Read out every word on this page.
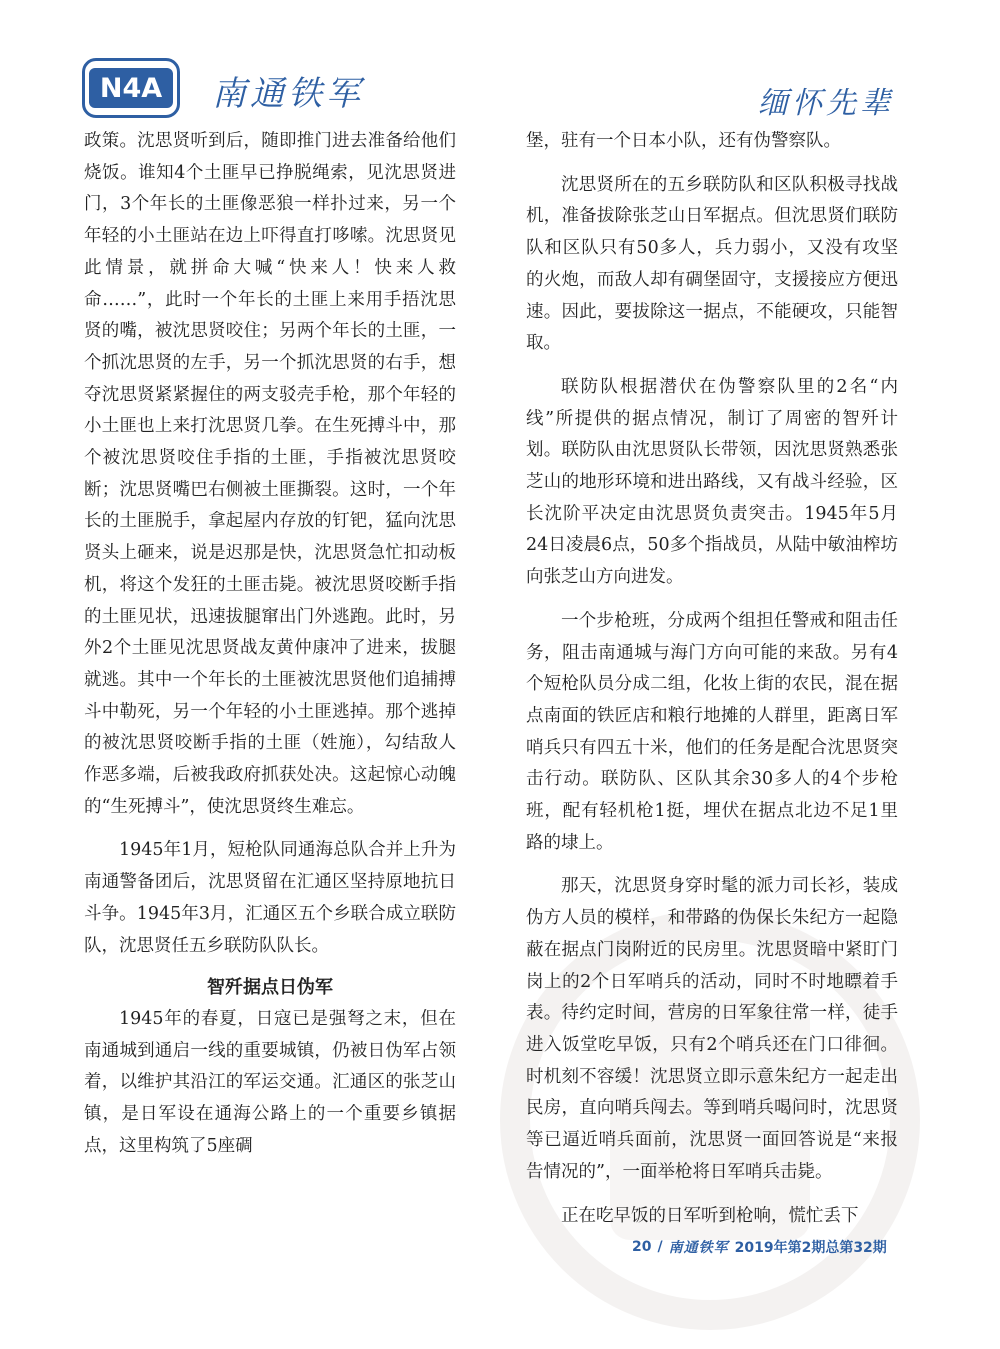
N4A	南通铁军	缅怀先辈

政策。沈思贤听到后，随即推门进去准备给他们烧饭。谁知4个土匪早已挣脱绳索，见沈思贤进门，3个年长的土匪像恶狼一样扑过来，另一个年轻的小土匪站在边上吓得直打哆嗦。沈思贤见此情景，就拼命大喊“快来人！快来人救命……”，此时一个年长的土匪上来用手捂沈思贤的嘴，被沈思贤咬住；另两个年长的土匪，一个抓沈思贤的左手，另一个抓沈思贤的右手，想夺沈思贤紧紧握住的两支驳壳手枪，那个年轻的小土匪也上来打沈思贤几拳。在生死搏斗中，那个被沈思贤咬住手指的土匪，手指被沈思贤咬断；沈思贤嘴巴右侧被土匪撕裂。这时，一个年长的土匪脱手，拿起屋内存放的钉钯，猛向沈思贤头上砸来，说是迟那是快，沈思贤急忙扣动板机，将这个发狂的土匪击毙。被沈思贤咬断手指的土匪见状，迅速拔腿窜出门外逃跑。此时，另外2个土匪见沈思贤战友黄仲康冲了进来，拔腿就逃。其中一个年长的土匪被沈思贤他们追捕搏斗中勒死，另一个年轻的小土匪逃掉。那个逃掉的被沈思贤咬断手指的土匪（姓施），勾结敌人作恶多端，后被我政府抓获处决。这起惊心动魄的“生死搏斗”，使沈思贤终生难忘。

1945年1月，短枪队同通海总队合并上升为南通警备团后，沈思贤留在汇通区坚持原地抗日斗争。1945年3月，汇通区五个乡联合成立联防队，沈思贤任五乡联防队队长。

智歼据点日伪军

1945年的春夏，日寇已是强弩之末，但在南通城到通启一线的重要城镇，仍被日伪军占领着，以维护其沿江的军运交通。汇通区的张芝山镇，是日军设在通海公路上的一个重要乡镇据点，这里构筑了5座碉

堡，驻有一个日本小队，还有伪警察队。

沈思贤所在的五乡联防队和区队积极寻找战机，准备拔除张芝山日军据点。但沈思贤们联防队和区队只有50多人，兵力弱小，又没有攻坚的火炮，而敌人却有碉堡固守，支援接应方便迅速。因此，要拔除这一据点，不能硬攻，只能智取。

联防队根据潜伏在伪警察队里的2名“内线”所提供的据点情况，制订了周密的智歼计划。联防队由沈思贤队长带领，因沈思贤熟悉张芝山的地形环境和进出路线，又有战斗经验，区长沈阶平决定由沈思贤负责突击。1945年5月24日凌晨6点，50多个指战员，从陆中敏油榨坊向张芝山方向进发。

一个步枪班，分成两个组担任警戒和阻击任务，阻击南通城与海门方向可能的来敌。另有4个短枪队员分成二组，化妆上街的农民，混在据点南面的铁匠店和粮行地摊的人群里，距离日军哨兵只有四五十米，他们的任务是配合沈思贤突击行动。联防队、区队其余30多人的4个步枪班，配有轻机枪1挺，埋伏在据点北边不足1里路的埭上。

那天，沈思贤身穿时髦的派力司长衫，装成伪方人员的模样，和带路的伪保长朱纪方一起隐蔽在据点门岗附近的民房里。沈思贤暗中紧盯门岗上的2个日军哨兵的活动，同时不时地瞟着手表。待约定时间，营房的日军象往常一样，徒手进入饭堂吃早饭，只有2个哨兵还在门口徘徊。时机刻不容缓！沈思贤立即示意朱纪方一起走出民房，直向哨兵闯去。等到哨兵喝问时，沈思贤等已逼近哨兵面前，沈思贤一面回答说是“来报告情况的”，一面举枪将日军哨兵击毙。

正在吃早饭的日军听到枪响，慌忙丢下

20 / 南通铁军 2019年第2期总第32期
